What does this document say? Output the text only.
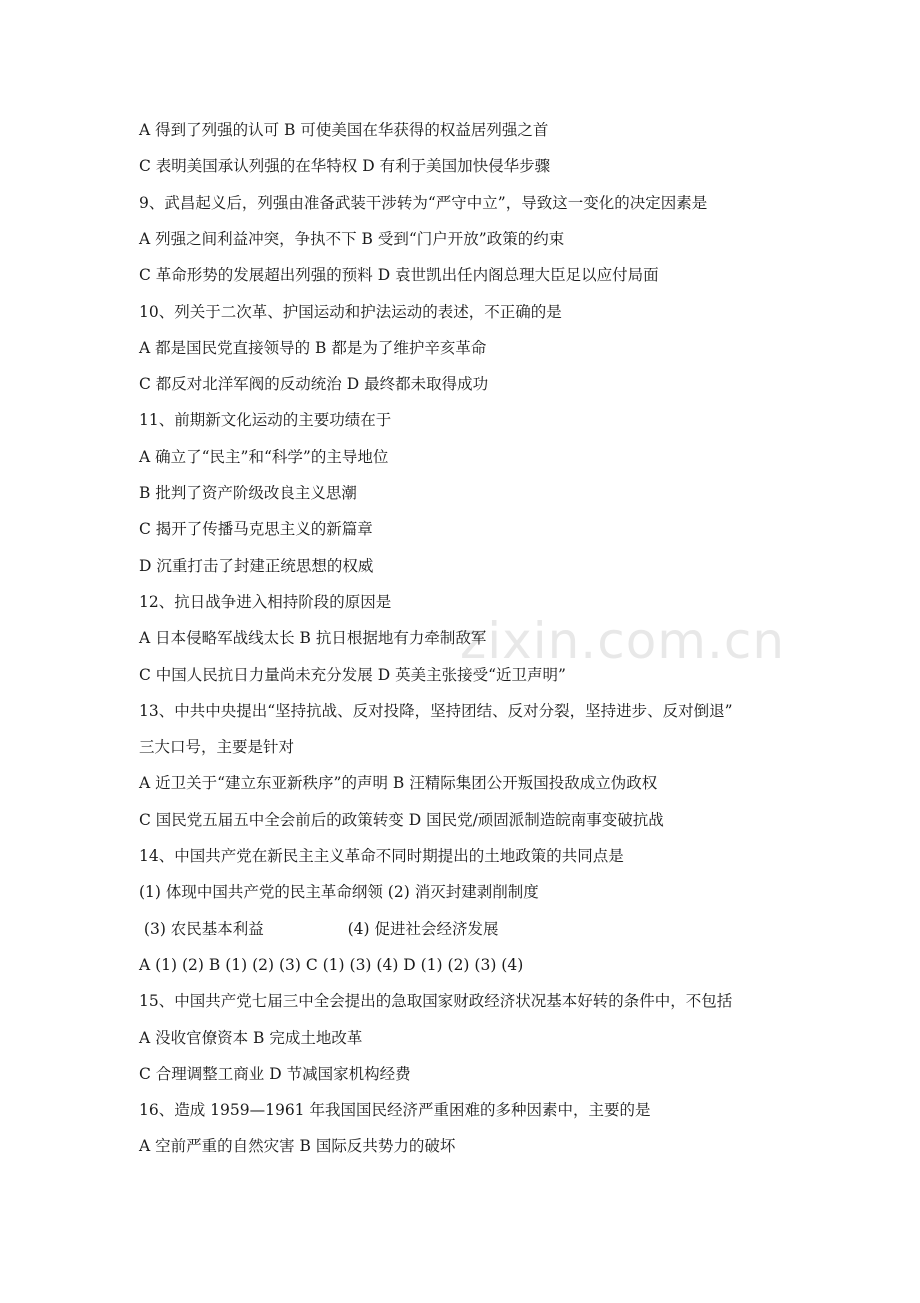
zixin.com.cn
A 得到了列强的认可 B 可使美国在华获得的权益居列强之首
C 表明美国承认列强的在华特权 D 有利于美国加快侵华步骤
9、武昌起义后，列强由准备武装干涉转为“严守中立”，导致这一变化的决定因素是
A 列强之间利益冲突，争执不下 B 受到“门户开放”政策的约束
C 革命形势的发展超出列强的预料 D 袁世凯出任内阁总理大臣足以应付局面
10、列关于二次革、护国运动和护法运动的表述，不正确的是
A 都是国民党直接领导的 B 都是为了维护辛亥革命
C 都反对北洋军阀的反动统治 D 最终都未取得成功
11、前期新文化运动的主要功绩在于
A 确立了“民主”和“科学”的主导地位
B 批判了资产阶级改良主义思潮
C 揭开了传播马克思主义的新篇章
D 沉重打击了封建正统思想的权威
12、抗日战争进入相持阶段的原因是
A 日本侵略军战线太长 B 抗日根据地有力牵制敌军
C 中国人民抗日力量尚未充分发展 D 英美主张接受“近卫声明”
13、中共中央提出“坚持抗战、反对投降，坚持团结、反对分裂，坚持进步、反对倒退”
三大口号，主要是针对
A 近卫关于“建立东亚新秩序”的声明 B 汪精际集团公开叛国投敌成立伪政权
C 国民党五届五中全会前后的政策转变 D 国民党/顽固派制造皖南事变破抗战
14、中国共产党在新民主主义革命不同时期提出的土地政策的共同点是
(1) 体现中国共产党的民主革命纲领 (2) 消灭封建剥削制度
(3) 农民基本利益                 (4) 促进社会经济发展
A (1) (2) B (1) (2) (3) C (1) (3) (4) D (1) (2) (3) (4)
15、中国共产党七届三中全会提出的急取国家财政经济状况基本好转的条件中，不包括
A 没收官僚资本 B 完成土地改革
C 合理调整工商业 D 节减国家机构经费
16、造成 1959—1961 年我国国民经济严重困难的多种因素中，主要的是
A 空前严重的自然灾害 B 国际反共势力的破坏
